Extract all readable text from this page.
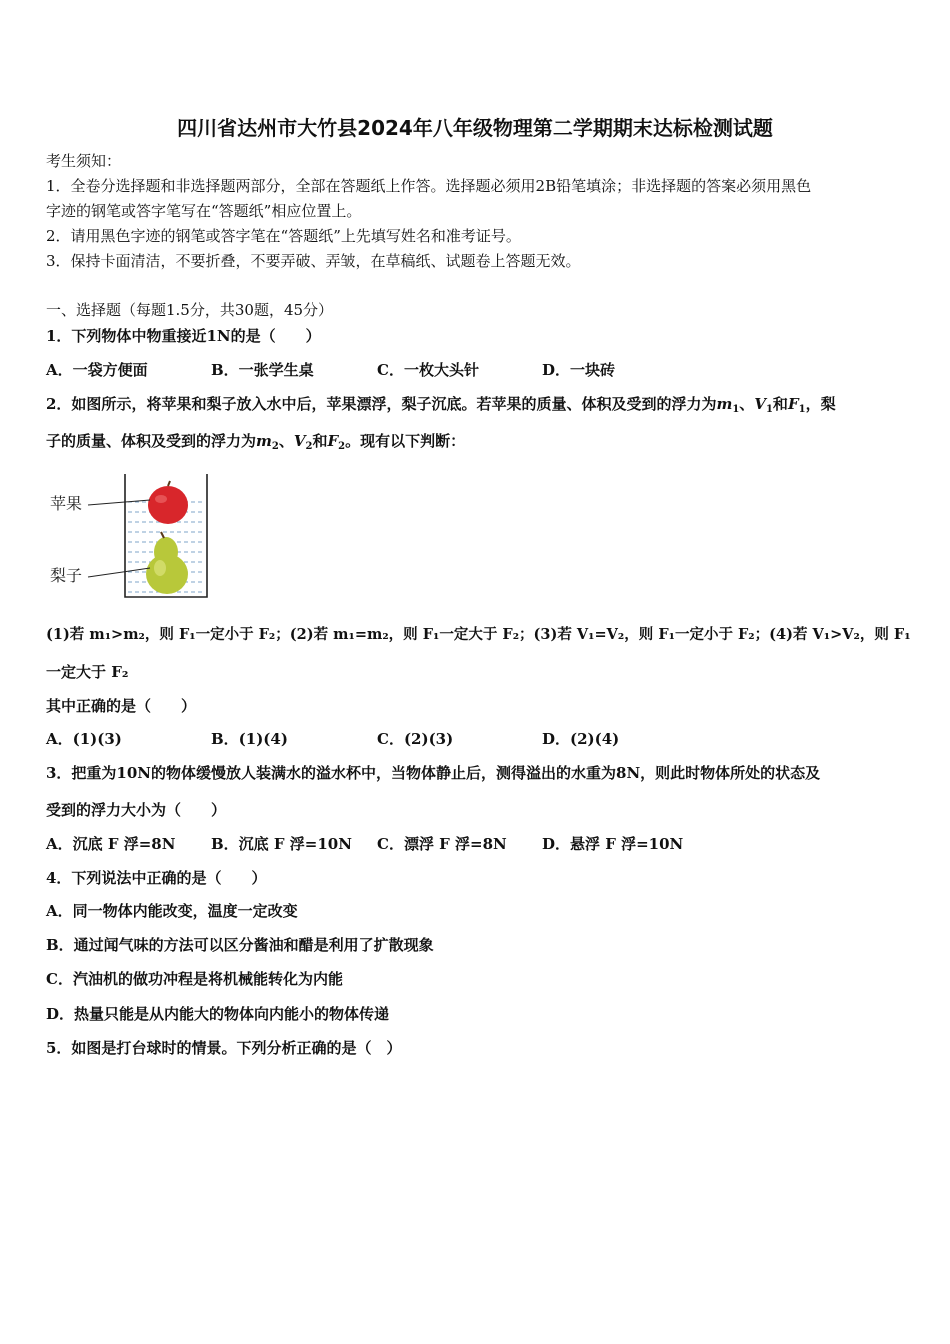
四川省达州市大竹县2024年八年级物理第二学期期末达标检测试题
考生须知：
1．全卷分选择题和非选择题两部分，全部在答题纸上作答。选择题必须用2B铅笔填涂；非选择题的答案必须用黑色
字迹的钢笔或答字笔写在“答题纸”相应位置上。
2．请用黑色字迹的钢笔或答字笔在“答题纸”上先填写姓名和准考证号。
3．保持卡面清洁，不要折叠，不要弄破、弄皱，在草稿纸、试题卷上答题无效。
一、选择题（每题1.5分，共30题，45分）
1．下列物体中物重接近1N的是（　　）
A．一袋方便面	B．一张学生桌	C．一枚大头针	D．一块砖
2．如图所示，将苹果和梨子放入水中后，苹果漂浮，梨子沉底。若苹果的质量、体积及受到的浮力为$m_1$、$V_1$和$F_1$，梨
子的质量、体积及受到的浮力为$m_2$、$V_2$和$F_2$。现有以下判断：
苹果
梨子
(1)若 m₁>m₂，则 F₁一定小于 F₂；(2)若 m₁=m₂，则 F₁一定大于 F₂；(3)若 V₁=V₂，则 F₁一定小于 F₂；(4)若 V₁>V₂，则 F₁
一定大于 F₂
其中正确的是（　　）
A．(1)(3)	B．(1)(4)	C．(2)(3)	D．(2)(4)
3．把重为10N的物体缓慢放人装满水的溢水杯中，当物体静止后，测得溢出的水重为8N，则此时物体所处的状态及
受到的浮力大小为（　　）
A．沉底 F 浮=8N B．沉底 F 浮=10N C．漂浮 F 浮=8N D．悬浮 F 浮=10N
4．下列说法中正确的是（　　）
A．同一物体内能改变，温度一定改变
B．通过闻气味的方法可以区分酱油和醋是利用了扩散现象
C．汽油机的做功冲程是将机械能转化为内能
D．热量只能是从内能大的物体向内能小的物体传递
5．如图是打台球时的情景。下列分析正确的是（　）
